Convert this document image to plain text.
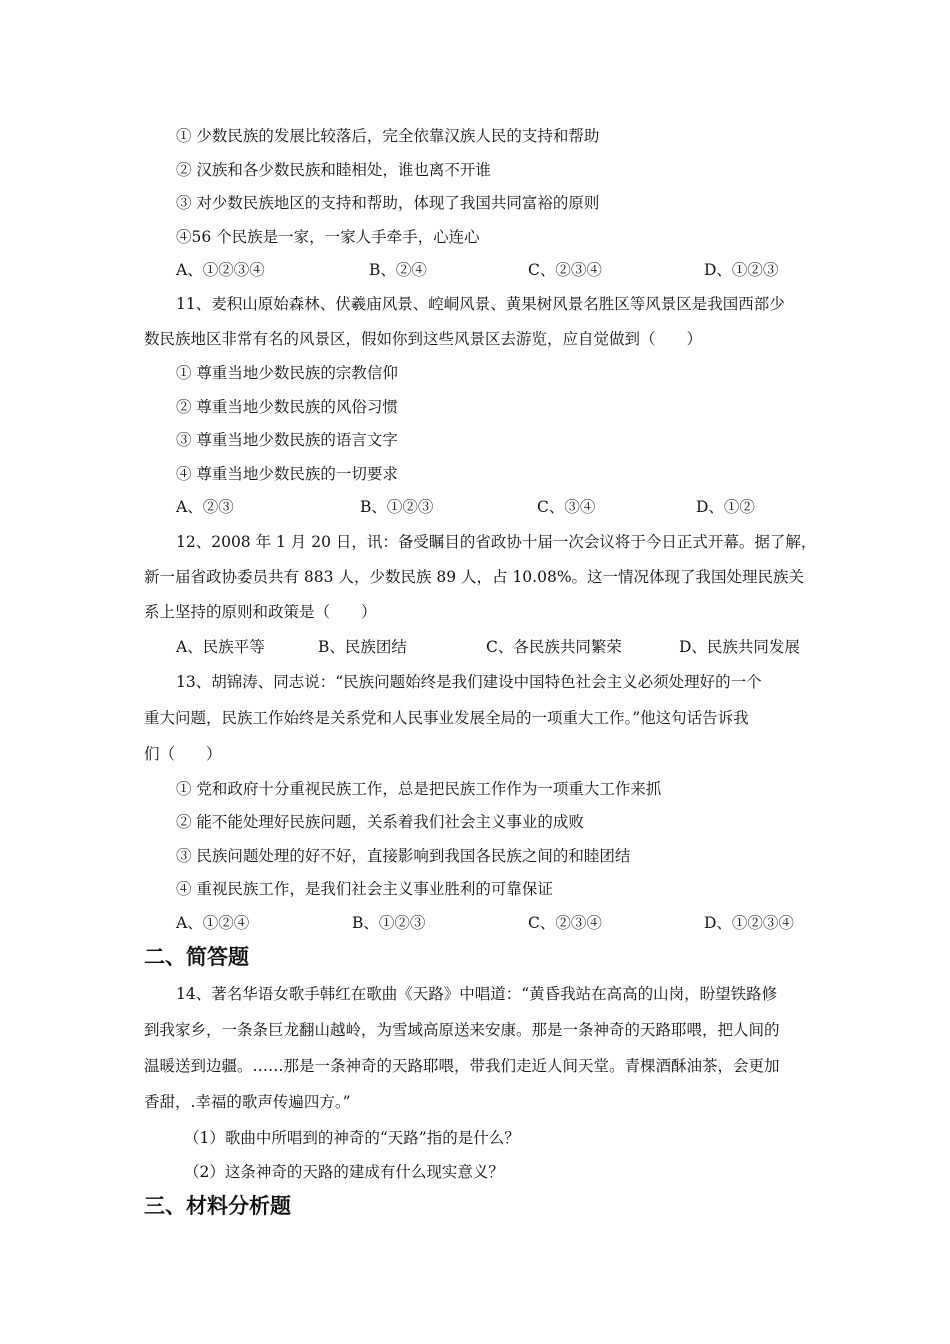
① 少数民族的发展比较落后，完全依靠汉族人民的支持和帮助
② 汉族和各少数民族和睦相处，谁也离不开谁
③ 对少数民族地区的支持和帮助，体现了我国共同富裕的原则
④56 个民族是一家，一家人手牵手，心连心
A、①②③④	B、②④	C、②③④	D、①②③
11、麦积山原始森林、伏羲庙风景、崆峒风景、黄果树风景名胜区等风景区是我国西部少
数民族地区非常有名的风景区，假如你到这些风景区去游览，应自觉做到（　　）
① 尊重当地少数民族的宗教信仰
② 尊重当地少数民族的风俗习惯
③ 尊重当地少数民族的语言文字
④ 尊重当地少数民族的一切要求
A、②③	B、①②③	C、③④	D、①②
12、2008 年 1 月 20 日，讯：备受瞩目的省政协十届一次会议将于今日正式开幕。据了解，
新一届省政协委员共有 883 人，少数民族 89 人，占 10.08%。这一情况体现了我国处理民族关
系上坚持的原则和政策是（　　）
A、民族平等	B、民族团结	C、各民族共同繁荣	D、民族共同发展
13、胡锦涛、同志说：“民族问题始终是我们建设中国特色社会主义必须处理好的一个
重大问题，民族工作始终是关系党和人民事业发展全局的一项重大工作。”他这句话告诉我
们（　　）
① 党和政府十分重视民族工作，总是把民族工作作为一项重大工作来抓
② 能不能处理好民族问题，关系着我们社会主义事业的成败
③ 民族问题处理的好不好，直接影响到我国各民族之间的和睦团结
④ 重视民族工作，是我们社会主义事业胜利的可靠保证
A、①②④	B、①②③	C、②③④	D、①②③④
二、简答题
14、著名华语女歌手韩红在歌曲《天路》中唱道：“黄昏我站在高高的山岗，盼望铁路修
到我家乡，一条条巨龙翻山越岭，为雪域高原送来安康。那是一条神奇的天路耶喂，把人间的
温暖送到边疆。……那是一条神奇的天路耶喂，带我们走近人间天堂。青棵酒酥油茶，会更加
香甜，.幸福的歌声传遍四方。”
（1）歌曲中所唱到的神奇的“天路”指的是什么？
（2）这条神奇的天路的建成有什么现实意义？
三、材料分析题
